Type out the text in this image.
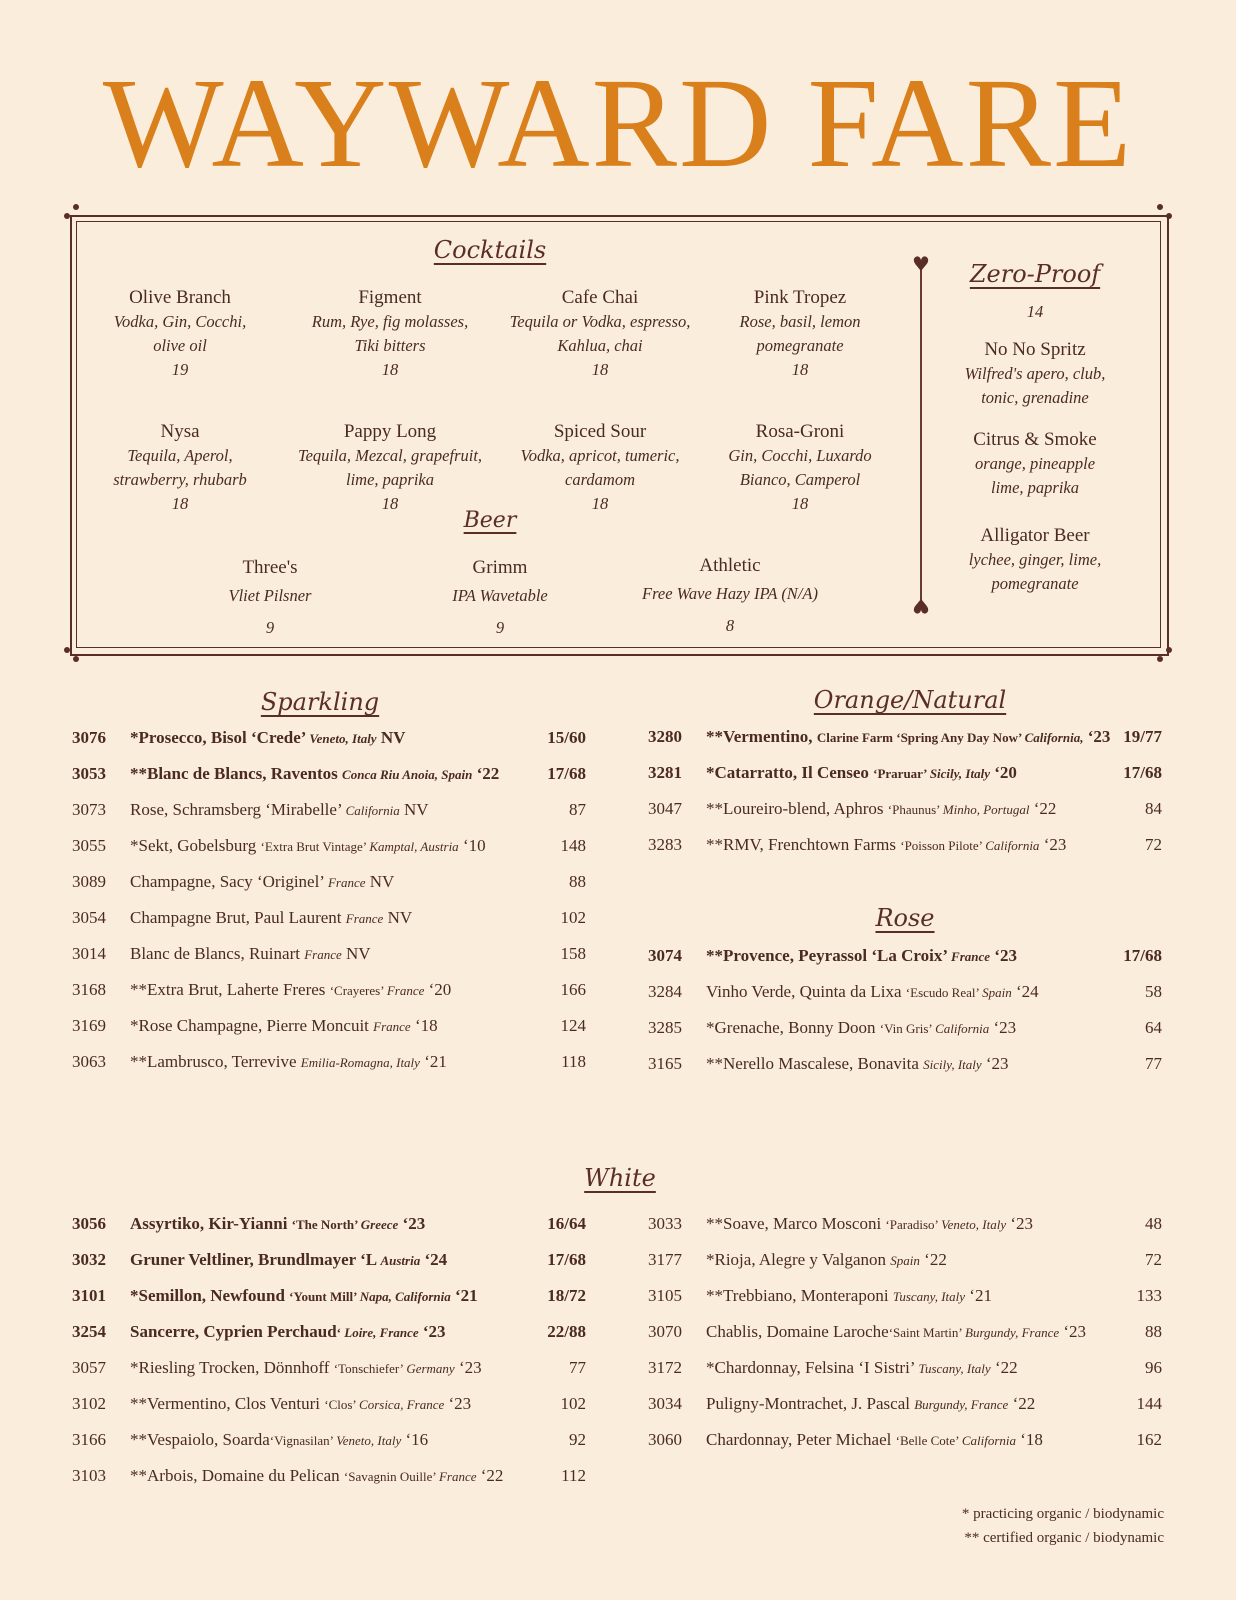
WAYWARD FARE
♥
♥
Cocktails
Olive Branch
Vodka, Gin, Cocchi,
olive oil
19
Figment
Rum, Rye, fig molasses,
Tiki bitters
18
Cafe Chai
Tequila or Vodka, espresso,
Kahlua, chai
18
Pink Tropez
Rose, basil, lemon
pomegranate
18
Nysa
Tequila, Aperol,
strawberry, rhubarb
18
Pappy Long
Tequila, Mezcal, grapefruit,
lime, paprika
18
Spiced Sour
Vodka, apricot, tumeric,
cardamom
18
Rosa-Groni
Gin, Cocchi, Luxardo
Bianco, Camperol
18
Beer
Three's
Vliet Pilsner
9
Grimm
IPA Wavetable
9
Athletic
Free Wave Hazy IPA (N/A)
8
Zero-Proof
14
No No Spritz
Wilfred's apero, club,
tonic, grenadine
Citrus & Smoke
orange, pineapple
lime, paprika
Alligator Beer
lychee, ginger, lime,
pomegranate
Sparkling	Orange/Natural
Rose
White
3076 *Prosecco, Bisol ‘Crede’ Veneto, Italy NV	15/60
3053 **Blanc de Blancs, Raventos Conca Riu Anoia, Spain ‘22	17/68
3073 Rose, Schramsberg ‘Mirabelle’ California NV	87
3055 *Sekt, Gobelsburg ‘Extra Brut Vintage’ Kamptal, Austria ‘10	148
3089 Champagne, Sacy ‘Originel’ France NV	88
3054 Champagne Brut, Paul Laurent France NV	102
3014 Blanc de Blancs, Ruinart France NV	158
3168 **Extra Brut, Laherte Freres ‘Crayeres’ France ‘20	166
3169 *Rose Champagne, Pierre Moncuit France ‘18	124
3063 **Lambrusco, Terrevive Emilia-Romagna, Italy ‘21	118
3280 **Vermentino, Clarine Farm ‘Spring Any Day Now’ California, ‘23 19/77
3281 *Catarratto, Il Censeo ‘Praruar’ Sicily, Italy ‘20	17/68
3047 **Loureiro-blend, Aphros ‘Phaunus’ Minho, Portugal ‘22	84
3283 **RMV, Frenchtown Farms ‘Poisson Pilote’ California ‘23	72
3074 **Provence, Peyrassol ‘La Croix’ France ‘23	17/68
3284 Vinho Verde, Quinta da Lixa ‘Escudo Real’ Spain ‘24	58
3285 *Grenache, Bonny Doon ‘Vin Gris’ California ‘23	64
3165 **Nerello Mascalese, Bonavita Sicily, Italy ‘23	77
3056 Assyrtiko, Kir-Yianni ‘The North’ Greece ‘23	16/64
3032 Gruner Veltliner, Brundlmayer ‘L Austria ‘24	17/68
3101 *Semillon, Newfound ‘Yount Mill’ Napa, California ‘21	18/72
3254 Sancerre, Cyprien Perchaud‘ Loire, France ‘23	22/88
3057 *Riesling Trocken, Dönnhoff ‘Tonschiefer’ Germany ‘23	77
3102 **Vermentino, Clos Venturi ‘Clos’ Corsica, France ‘23	102
3166 **Vespaiolo, Soarda‘Vignasilan’ Veneto, Italy ‘16	92
3103 **Arbois, Domaine du Pelican ‘Savagnin Ouille’ France ‘22	112
3033 **Soave, Marco Mosconi ‘Paradiso’ Veneto, Italy ‘23	48
3177 *Rioja, Alegre y Valganon Spain ‘22	72
3105 **Trebbiano, Monteraponi Tuscany, Italy ‘21	133
3070 Chablis, Domaine Laroche‘Saint Martin’ Burgundy, France ‘23	88
3172 *Chardonnay, Felsina ‘I Sistri’ Tuscany, Italy ‘22	96
3034 Puligny-Montrachet, J. Pascal Burgundy, France ‘22	144
3060 Chardonnay, Peter Michael ‘Belle Cote’ California ‘18	162
* practicing organic / biodynamic
** certified organic / biodynamic
